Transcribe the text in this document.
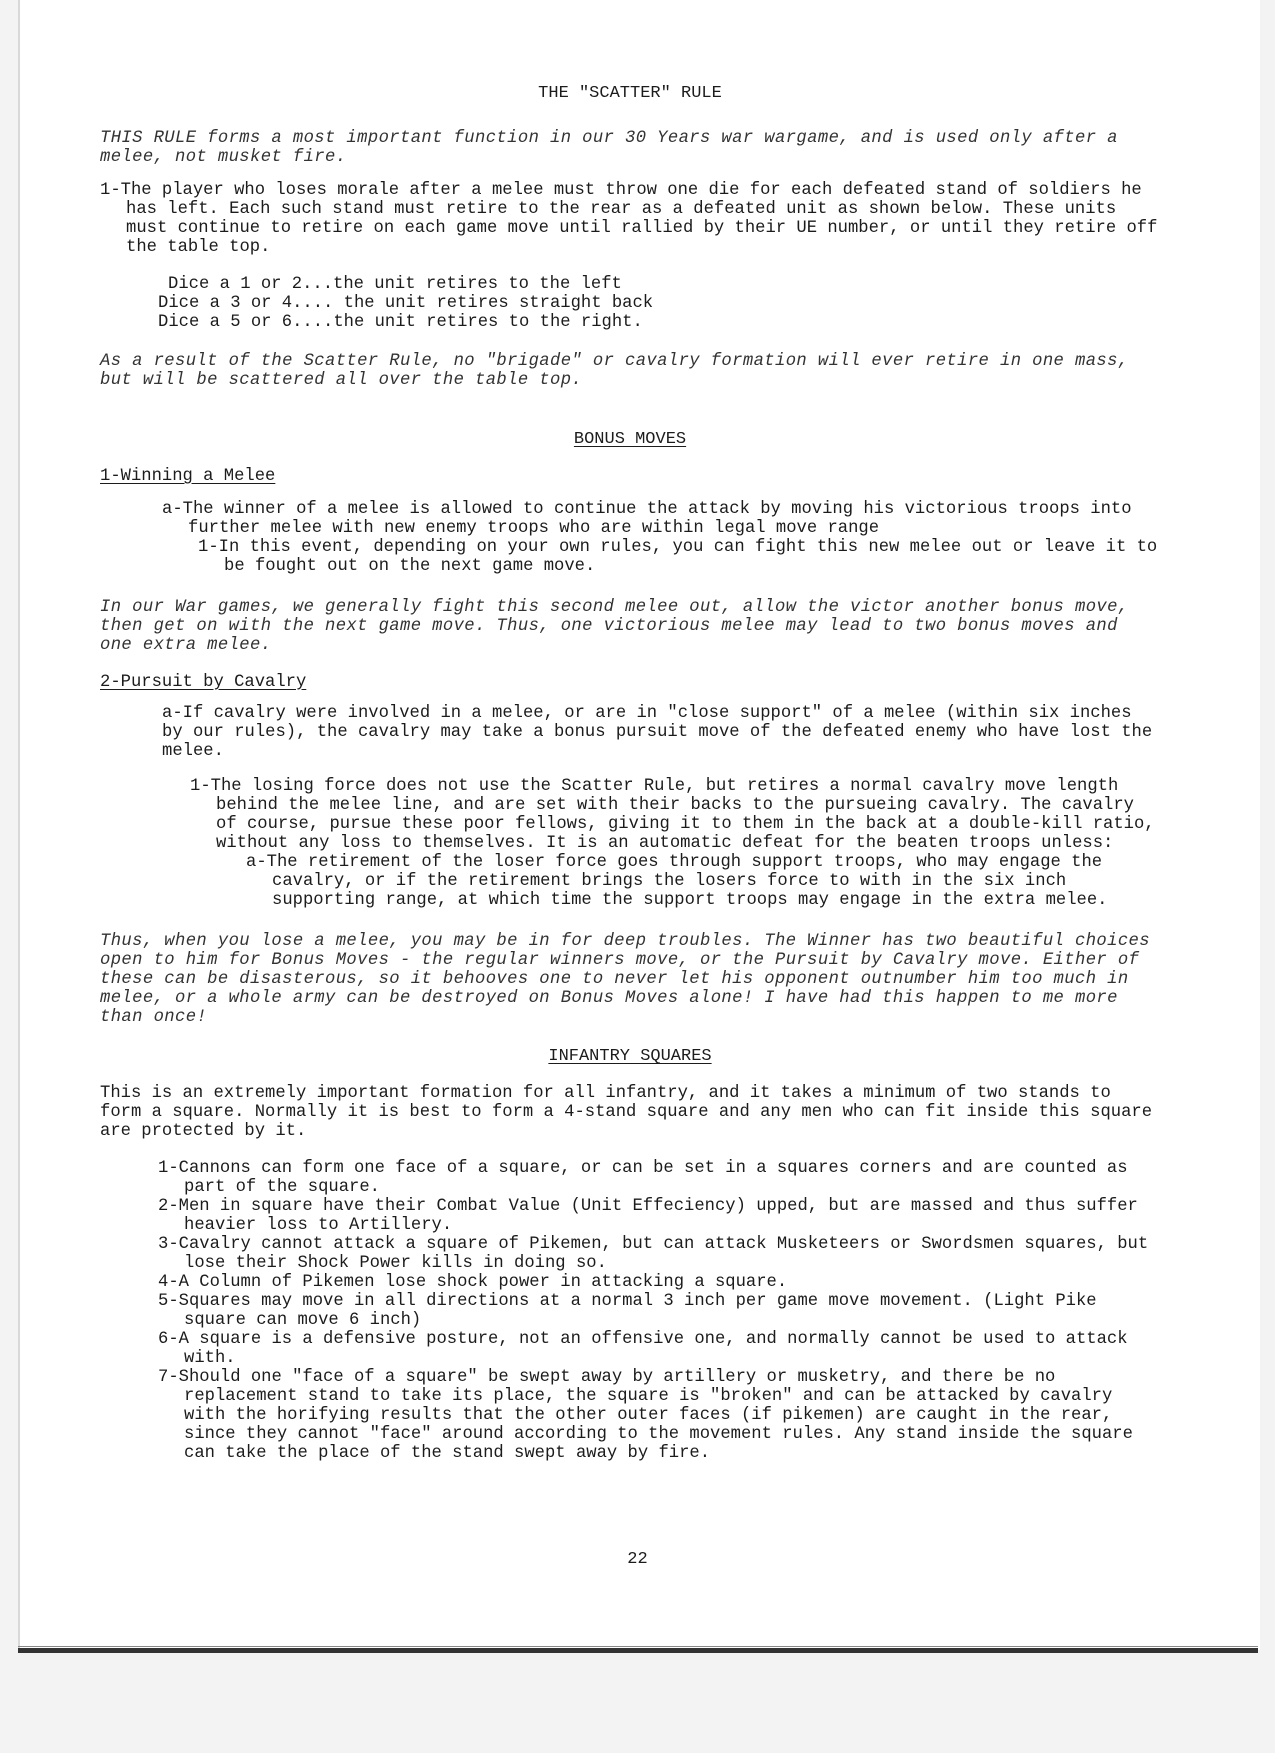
THE "SCATTER" RULE

THIS RULE forms a most important function in our 30 Years war wargame, and is used only after a melee, not musket fire.

1-The player who loses morale after a melee must throw one die for each defeated stand of soldiers he has left. Each such stand must retire to the rear as a defeated unit as shown below. These units must continue to retire on each game move until rallied by their UE number, or until they retire off the table top.

Dice a 1 or 2...the unit retires to the left

Dice a 3 or 4.... the unit retires straight back

Dice a 5 or 6....the unit retires to the right.

As a result of the Scatter Rule, no "brigade" or cavalry formation will ever retire in one mass, but will be scattered all over the table top.

BONUS MOVES

1-Winning a Melee

a-The winner of a melee is allowed to continue the attack by moving his victorious troops into further melee with new enemy troops who are within legal move range

1-In this event, depending on your own rules, you can fight this new melee out or leave it to be fought out on the next game move.

In our War games, we generally fight this second melee out, allow the victor another bonus move, then get on with the next game move. Thus, one victorious melee may lead to two bonus moves and one extra melee.

2-Pursuit by Cavalry

a-If cavalry were involved in a melee, or are in "close support" of a melee (within six inches by our rules), the cavalry may take a bonus pursuit move of the defeated enemy who have lost the melee.

1-The losing force does not use the Scatter Rule, but retires a normal cavalry move length behind the melee line, and are set with their backs to the pursueing cavalry. The cavalry of course, pursue these poor fellows, giving it to them in the back at a double-kill ratio, without any loss to themselves. It is an automatic defeat for the beaten troops unless:

a-The retirement of the loser force goes through support troops, who may engage the cavalry, or if the retirement brings the losers force to with in the six inch supporting range, at which time the support troops may engage in the extra melee.

Thus, when you lose a melee, you may be in for deep troubles. The Winner has two beautiful choices open to him for Bonus Moves - the regular winners move, or the Pursuit by Cavalry move. Either of these can be disasterous, so it behooves one to never let his opponent outnumber him too much in melee, or a whole army can be destroyed on Bonus Moves alone! I have had this happen to me more than once!

INFANTRY SQUARES

This is an extremely important formation for all infantry, and it takes a minimum of two stands to form a square. Normally it is best to form a 4-stand square and any men who can fit inside this square are protected by it.

1-Cannons can form one face of a square, or can be set in a squares corners and are counted as part of the square.

2-Men in square have their Combat Value (Unit Effeciency) upped, but are massed and thus suffer heavier loss to Artillery.

3-Cavalry cannot attack a square of Pikemen, but can attack Musketeers or Swordsmen squares, but lose their Shock Power kills in doing so.

4-A Column of Pikemen lose shock power in attacking a square.

5-Squares may move in all directions at a normal 3 inch per game move movement. (Light Pike square can move 6 inch)

6-A square is a defensive posture, not an offensive one, and normally cannot be used to attack with.

7-Should one "face of a square" be swept away by artillery or musketry, and there be no replacement stand to take its place, the square is "broken" and can be attacked by cavalry with the horifying results that the other outer faces (if pikemen) are caught in the rear, since they cannot "face" around according to the movement rules. Any stand inside the square can take the place of the stand swept away by fire.

22
